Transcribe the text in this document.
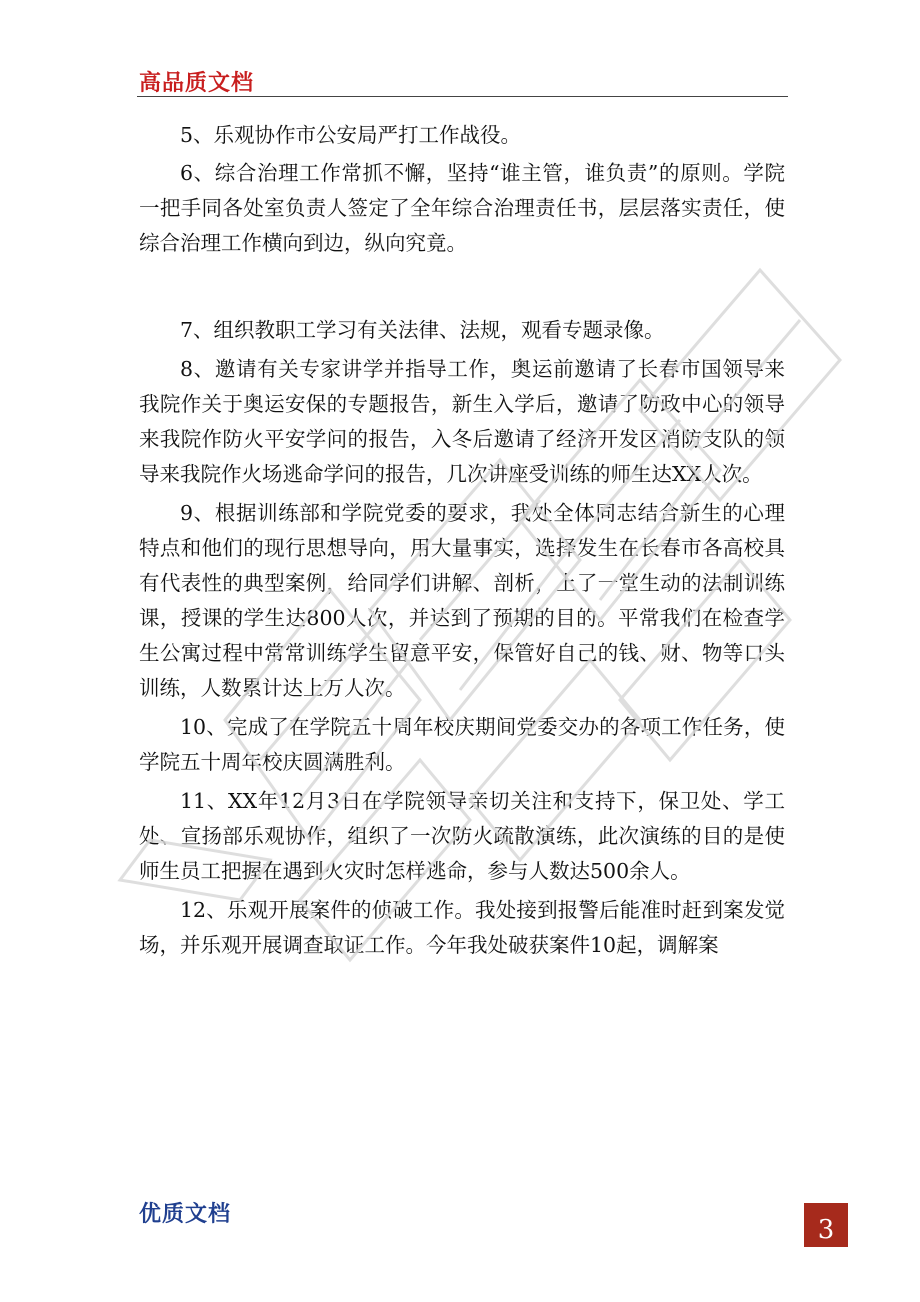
高品质文档

5、乐观协作市公安局严打工作战役。

6、综合治理工作常抓不懈，坚持“谁主管，谁负责”的原则。学院一把手同各处室负责人签定了全年综合治理责任书，层层落实责任，使综合治理工作横向到边，纵向究竟。

7、组织教职工学习有关法律、法规，观看专题录像。

8、邀请有关专家讲学并指导工作，奥运前邀请了长春市国领导来我院作关于奥运安保的专题报告，新生入学后，邀请了防政中心的领导来我院作防火平安学问的报告，入冬后邀请了经济开发区消防支队的领导来我院作火场逃命学问的报告，几次讲座受训练的师生达XX人次。

9、根据训练部和学院党委的要求，我处全体同志结合新生的心理特点和他们的现行思想导向，用大量事实，选择发生在长春市各高校具有代表性的典型案例，给同学们讲解、剖析，上了一堂生动的法制训练课，授课的学生达800人次，并达到了预期的目的。平常我们在检查学生公寓过程中常常训练学生留意平安，保管好自己的钱、财、物等口头训练，人数累计达上万人次。

10、完成了在学院五十周年校庆期间党委交办的各项工作任务，使学院五十周年校庆圆满胜利。

11、XX年12月3日在学院领导亲切关注和支持下，保卫处、学工处、宣扬部乐观协作，组织了一次防火疏散演练，此次演练的目的是使师生员工把握在遇到火灾时怎样逃命，参与人数达500余人。

12、乐观开展案件的侦破工作。我处接到报警后能准时赶到案发觉场，并乐观开展调查取证工作。今年我处破获案件10起，调解案

优质文档
3
